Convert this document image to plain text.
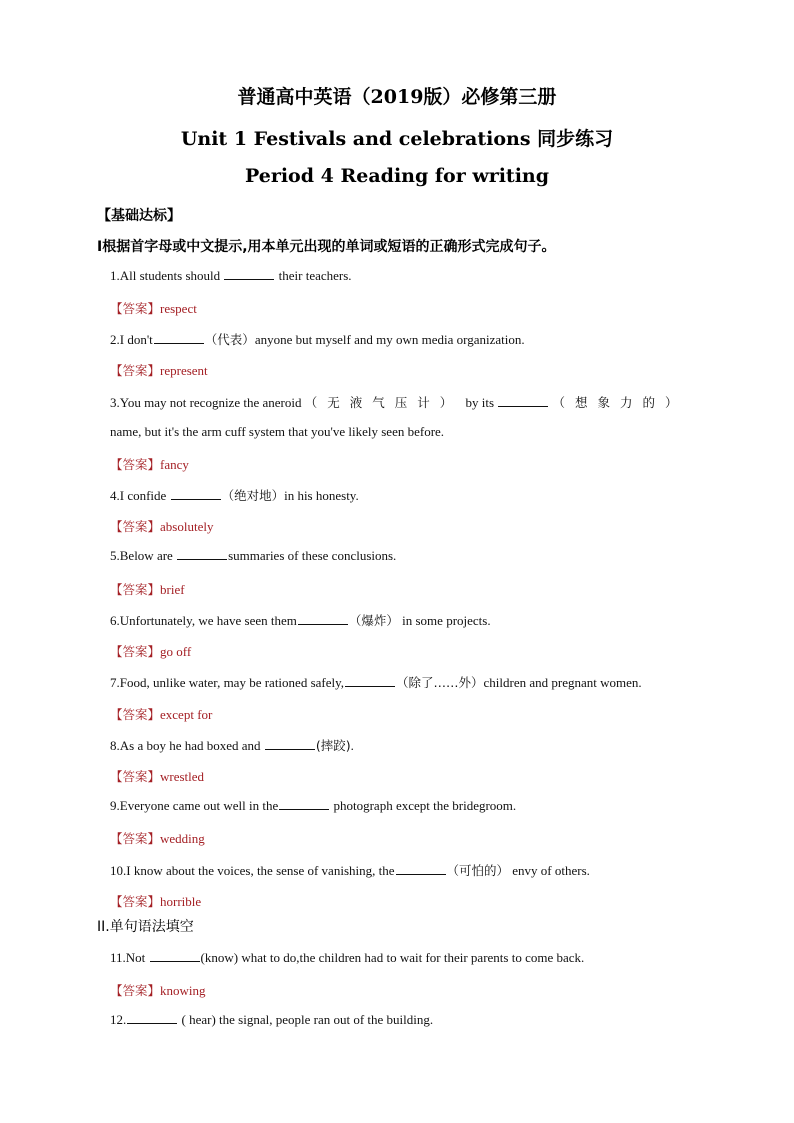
普通高中英语（2019版）必修第三册
Unit 1 Festivals and celebrations 同步练习
Period 4 Reading for writing
【基础达标】
I根据首字母或中文提示,用本单元出现的单词或短语的正确形式完成句子。
1.All students should	their teachers.
【答案】respect
2.I don't	（代表）anyone but myself and my own media organization.
【答案】represent
3.You may not recognize the aneroid （无液气压计） by its	（想象力的）
name, but it's the arm cuff system that you've likely seen before.
【答案】fancy
4.I confide	（绝对地）in his honesty.
【答案】absolutely
5.Below are	summaries of these conclusions.
【答案】brief
6.Unfortunately, we have seen them	（爆炸） in some projects.
【答案】go off
7.Food, unlike water, may be rationed safely,	（除了……外）children and pregnant women.
【答案】except for
8.As a boy he had boxed and	(摔跤).
【答案】wrestled
9.Everyone came out well in the	photograph except the bridegroom.
【答案】wedding
10.I know about the voices, the sense of vanishing, the	（可怕的） envy of others.
【答案】horrible
II.单句语法填空
11.Not	(know) what to do,the children had to wait for their parents to come back.
【答案】knowing
12.	( hear) the signal, people ran out of the building.
